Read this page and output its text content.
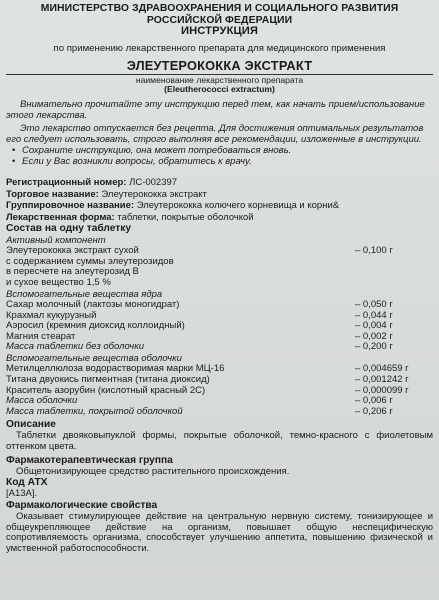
МИНИСТЕРСТВО ЗДРАВООХРАНЕНИЯ И СОЦИАЛЬНОГО РАЗВИТИЯ
РОССИЙСКОЙ ФЕДЕРАЦИИ
ИНСТРУКЦИЯ
по применению лекарственного препарата для медицинского применения
ЭЛЕУТЕРОКОККА ЭКСТРАКТ
наименование лекарственного препарата
(Eleutherococci extractum)
Внимательно прочитайте эту инструкцию перед тем, как начать прием/использование этого лекарства.
Это лекарство отпускается без рецепта. Для достижения оптимальных результатов его следует использовать, строго выполняя все рекомендации, изложенные в инструкции.
• Сохраните инструкцию, она может потребоваться вновь.
• Если у Вас возникли вопросы, обратитесь к врачу.
Регистрационный номер: ЛС-002397
Торговое название: Элеутерококка экстракт
Группировочное название: Элеутерококка колючего корневища и корни&
Лекарственная форма: таблетки, покрытые оболочкой
Состав на одну таблетку
Активный компонент
Элеутерококка экстракт сухой	– 0,100 г
с содержанием суммы элеутерозидов
в пересчете на элеутерозид В
и сухое вещество 1,5 %
Вспомогательные вещества ядра
Сахар молочный (лактозы моногидрат)	– 0,050 г
Крахмал кукурузный	– 0,044 г
Аэросил (кремния диоксид коллоидный)	– 0,004 г
Магния стеарат	– 0,002 г
Масса таблетки без оболочки	– 0,200 г
Вспомогательные вещества оболочки
Метилцеллюлоза водорастворимая марки МЦ-16	– 0,004659 г
Титана двуокись пигментная (титана диоксид)	– 0,001242 г
Краситель азорубин (кислотный красный 2С)	– 0,000099 г
Масса оболочки	– 0,006 г
Масса таблетки, покрытой оболочкой	– 0,206 г
Описание
Таблетки двояковыпуклой формы, покрытые оболочкой, темно-красного с фиолетовым оттенком цвета.
Фармакотерапевтическая группа
Общетонизирующее средство растительного происхождения.
Код АТХ
[A13A].
Фармакологические свойства
Оказывает стимулирующее действие на центральную нервную систему, тонизирующее и общеукрепляющее действие на организм, повышает общую неспецифическую сопротивляемость организма, способствует улучшению аппетита, повышению физической и умственной работоспособности.
